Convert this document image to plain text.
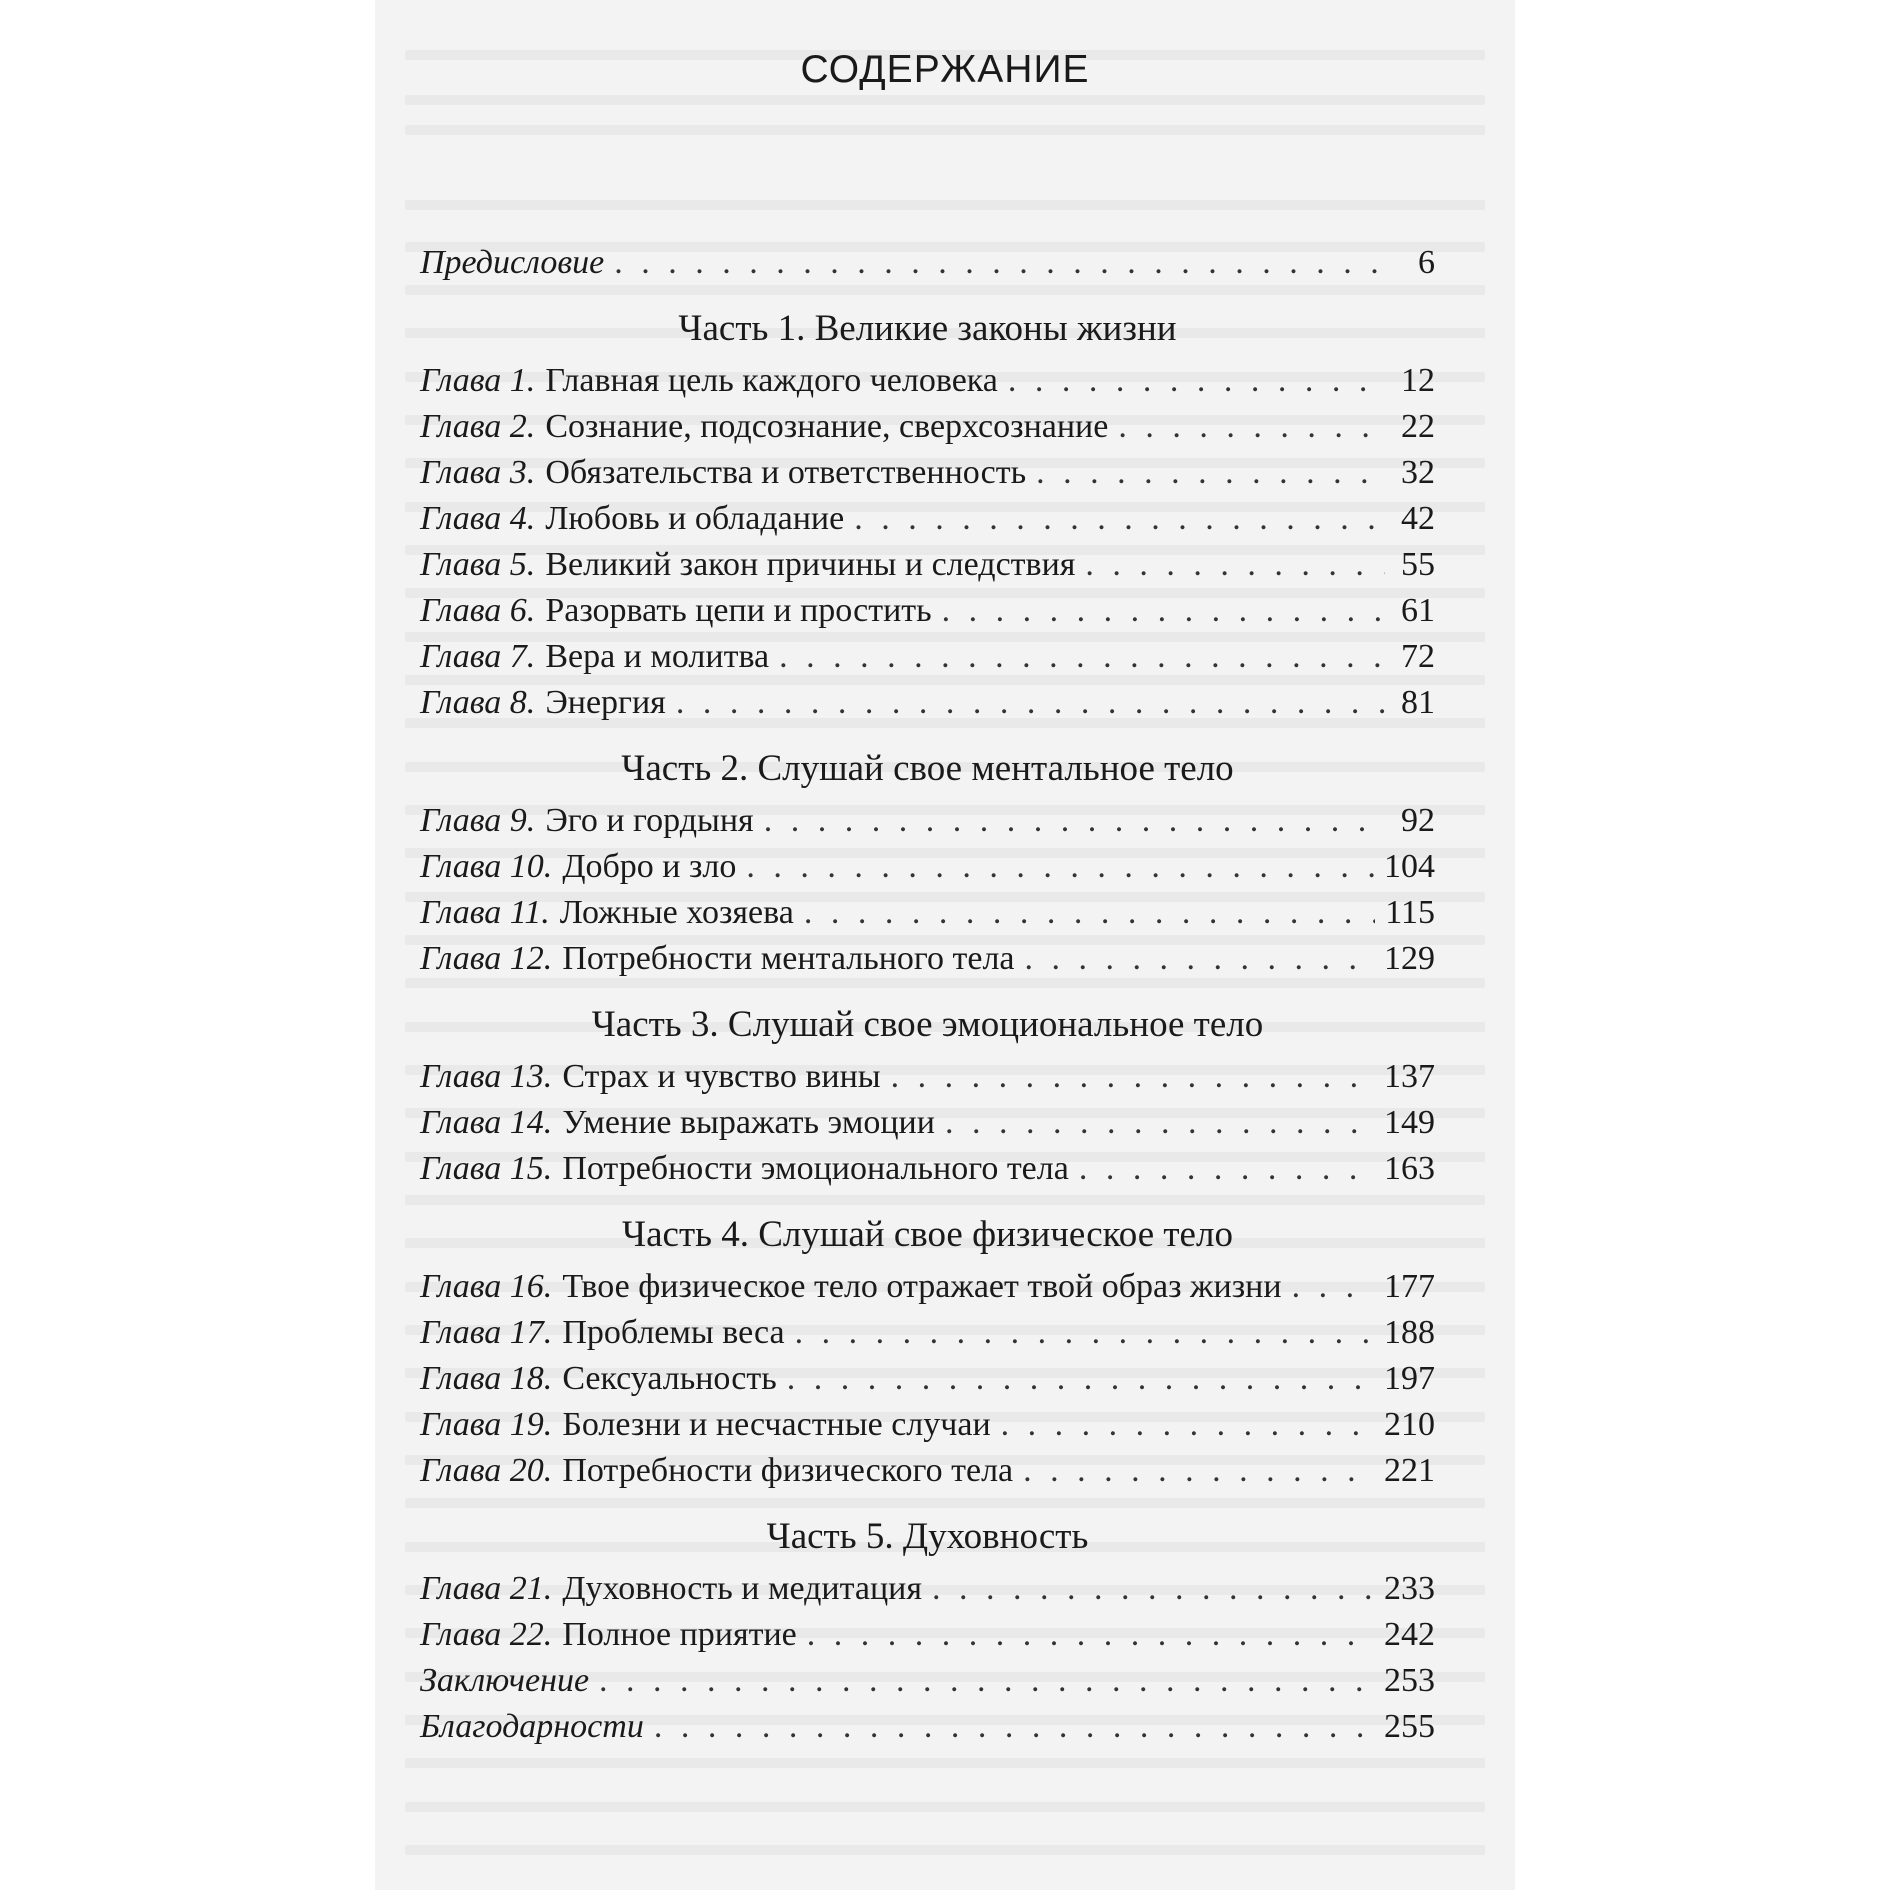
СОДЕРЖАНИЕ
Предисловие . . .	6
Часть 1. Великие законы жизни
Глава 1. Главная цель каждого человека . . .	12
Глава 2. Сознание, подсознание, сверхсознание . . .	22
Глава 3. Обязательства и ответственность . . .	32
Глава 4. Любовь и обладание . . .	42
Глава 5. Великий закон причины и следствия . . .	55
Глава 6. Разорвать цепи и простить . . .	61
Глава 7. Вера и молитва . . .	72
Глава 8. Энергия . . .	81
Часть 2. Слушай свое ментальное тело
Глава 9. Эго и гордыня . . .	92
Глава 10. Добро и зло . . .	104
Глава 11. Ложные хозяева . . .	115
Глава 12. Потребности ментального тела . . .	129
Часть 3. Слушай свое эмоциональное тело
Глава 13. Страх и чувство вины . . .	137
Глава 14. Умение выражать эмоции . . .	149
Глава 15. Потребности эмоционального тела . . .	163
Часть 4. Слушай свое физическое тело
Глава 16. Твое физическое тело отражает твой образ жизни . . .	177
Глава 17. Проблемы веса . . .	188
Глава 18. Сексуальность . . .	197
Глава 19. Болезни и несчастные случаи . . .	210
Глава 20. Потребности физического тела . . .	221
Часть 5. Духовность
Глава 21. Духовность и медитация . . .	233
Глава 22. Полное приятие . . .	242
Заключение . . .	253
Благодарности . . .	255
